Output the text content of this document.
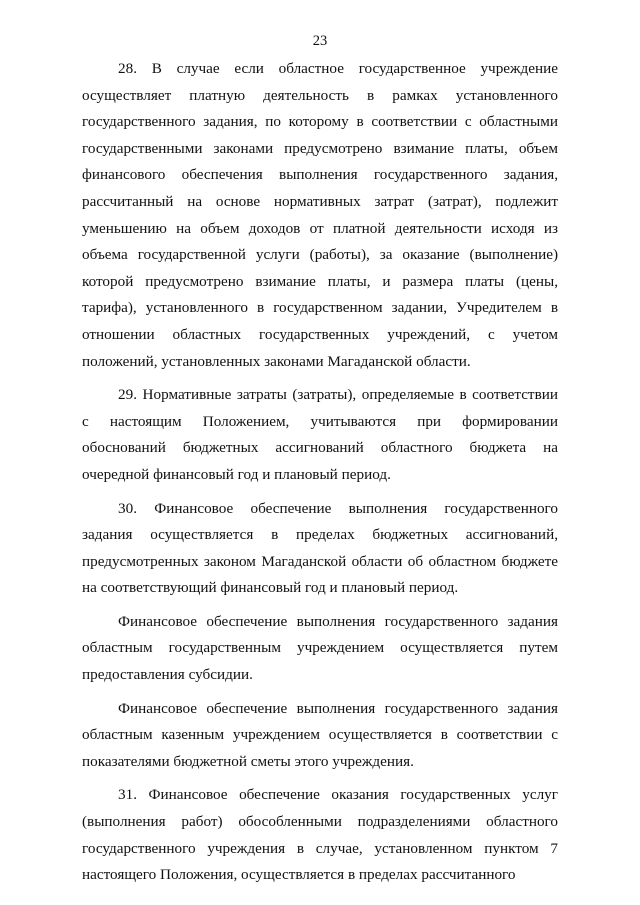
23

28. В случае если областное государственное учреждение осуществляет платную деятельность в рамках установленного государственного задания, по которому в соответствии с областными государственными законами предусмотрено взимание платы, объем финансового обеспечения выполнения государственного задания, рассчитанный на основе нормативных затрат (затрат), подлежит уменьшению на объем доходов от платной деятельности исходя из объема государственной услуги (работы), за оказание (выполнение) которой предусмотрено взимание платы, и размера платы (цены, тарифа), установленного в государственном задании, Учредителем в отношении областных государственных учреждений, с учетом положений, установленных законами Магаданской области.

29. Нормативные затраты (затраты), определяемые в соответствии с настоящим Положением, учитываются при формировании обоснований бюджетных ассигнований областного бюджета на очередной финансовый год и плановый период.

30. Финансовое обеспечение выполнения государственного задания осуществляется в пределах бюджетных ассигнований, предусмотренных законом Магаданской области об областном бюджете на соответствующий финансовый год и плановый период.

Финансовое обеспечение выполнения государственного задания областным государственным учреждением осуществляется путем предоставления субсидии.

Финансовое обеспечение выполнения государственного задания областным казенным учреждением осуществляется в соответствии с показателями бюджетной сметы этого учреждения.

31. Финансовое обеспечение оказания государственных услуг (выполнения работ) обособленными подразделениями областного государственного учреждения в случае, установленном пунктом 7 настоящего Положения, осуществляется в пределах рассчитанного
